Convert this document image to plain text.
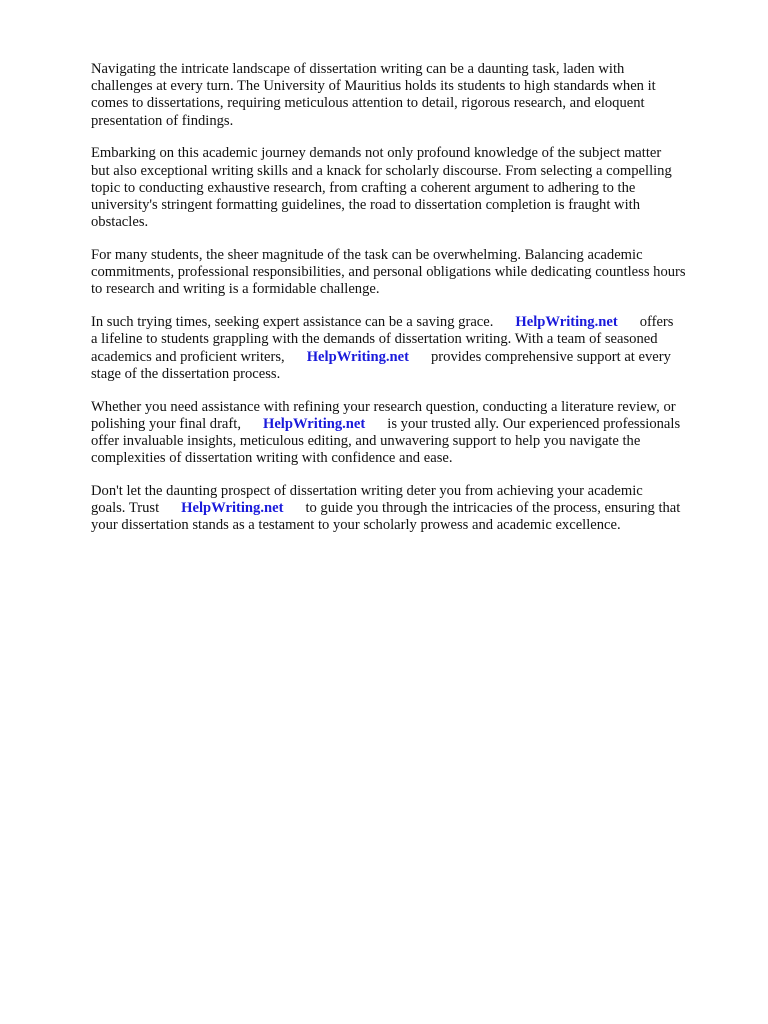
Navigating the intricate landscape of dissertation writing can be a daunting task, laden with
challenges at every turn. The University of Mauritius holds its students to high standards when it
comes to dissertations, requiring meticulous attention to detail, rigorous research, and eloquent
presentation of findings.

Embarking on this academic journey demands not only profound knowledge of the subject matter
but also exceptional writing skills and a knack for scholarly discourse. From selecting a compelling
topic to conducting exhaustive research, from crafting a coherent argument to adhering to the
university's stringent formatting guidelines, the road to dissertation completion is fraught with
obstacles.

For many students, the sheer magnitude of the task can be overwhelming. Balancing academic
commitments, professional responsibilities, and personal obligations while dedicating countless hours
to research and writing is a formidable challenge.

In such trying times, seeking expert assistance can be a saving grace. HelpWriting.net offers
a lifeline to students grappling with the demands of dissertation writing. With a team of seasoned
academics and proficient writers, HelpWriting.net provides comprehensive support at every
stage of the dissertation process.

Whether you need assistance with refining your research question, conducting a literature review, or
polishing your final draft, HelpWriting.net is your trusted ally. Our experienced professionals
offer invaluable insights, meticulous editing, and unwavering support to help you navigate the
complexities of dissertation writing with confidence and ease.

Don't let the daunting prospect of dissertation writing deter you from achieving your academic
goals. Trust HelpWriting.net to guide you through the intricacies of the process, ensuring that
your dissertation stands as a testament to your scholarly prowess and academic excellence.
